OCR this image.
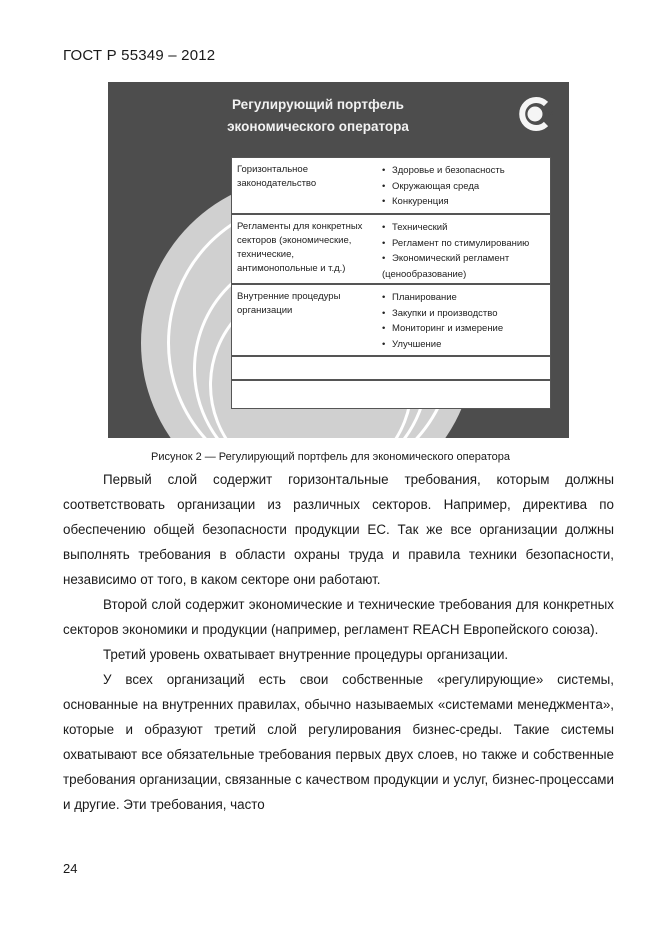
ГОСТ Р 55349 – 2012
Регулирующий портфель
экономического оператора
TP
Горизонтальное законодательство
• Здоровье и безопасность
• Окружающая среда
• Конкуренция
Регламенты для конкретных секторов (экономические, технические, антимонопольные и т.д.)
• Технический
• Регламент по стимулированию
• Экономический регламент (ценообразование)
Внутренние процедуры организации
• Планирование
• Закупки и производство
• Мониторинг и измерение
• Улучшение
Рисунок 2 — Регулирующий портфель для экономического оператора

Первый слой содержит горизонтальные требования, которым должны соответствовать организации из различных секторов. Например, директива по обеспечению общей безопасности продукции ЕС. Так же все организации должны выполнять требования в области охраны труда и правила техники безопасности, независимо от того, в каком секторе они работают.

Второй слой содержит экономические и технические требования для конкретных секторов экономики и продукции (например, регламент REACH Европейского союза).

Третий уровень охватывает внутренние процедуры организации.

У всех организаций есть свои собственные «регулирующие» системы, основанные на внутренних правилах, обычно называемых «системами менеджмента», которые и образуют третий слой регулирования бизнес-среды. Такие системы охватывают все обязательные требования первых двух слоев, но также и собственные требования организации, связанные с качеством продукции и услуг, бизнес-процессами и другие. Эти требования, часто

24
